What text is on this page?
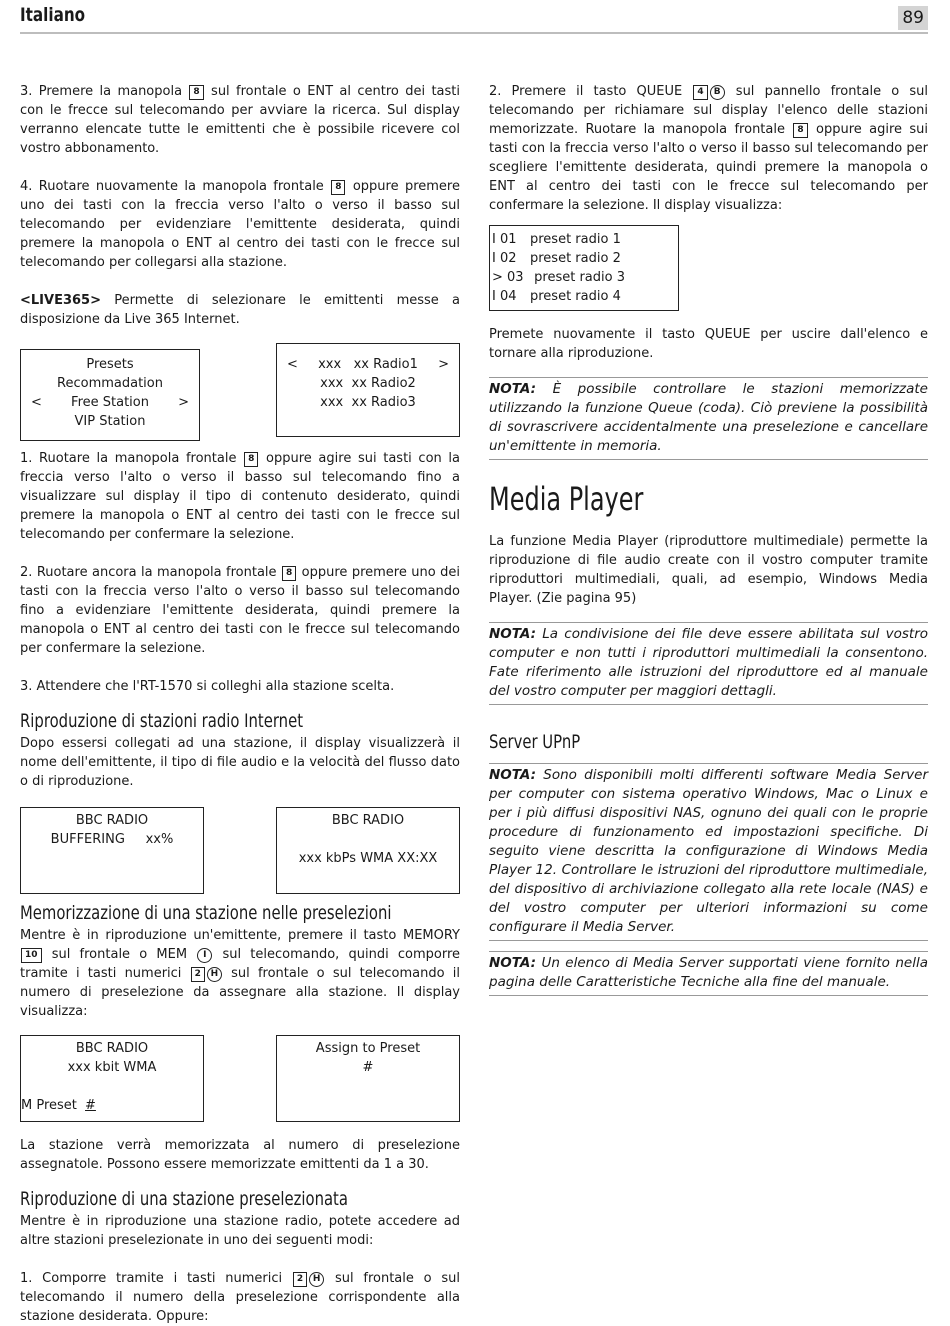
Italiano	89

3. Premere la manopola 8 sul frontale o ENT al centro dei tasti con le frecce sul telecomando per avviare la ricerca. Sul display verranno elencate tutte le emittenti che è possibile ricevere col vostro abbonamento.

4. Ruotare nuovamente la manopola frontale 8 oppure premere uno dei tasti con la freccia verso l'alto o verso il basso sul telecomando per evidenziare l'emittente desiderata, quindi premere la manopola o ENT al centro dei tasti con le frecce sul telecomando per collegarsi alla stazione.

<LIVE365> Permette di selezionare le emittenti messe a disposizione da Live 365 Internet.

Presets
Recommadation
< Free Station >
VIP Station
< xxx   xx Radio1 >
xxx  xx Radio2
xxx  xx Radio3

1. Ruotare la manopola frontale 8 oppure agire sui tasti con la freccia verso l'alto o verso il basso sul telecomando fino a visualizzare sul display il tipo di contenuto desiderato, quindi premere la manopola o ENT al centro dei tasti con le frecce sul telecomando per confermare la selezione.

2. Ruotare ancora la manopola frontale 8 oppure premere uno dei tasti con la freccia verso l'alto o verso il basso sul telecomando fino a evidenziare l'emittente desiderata, quindi premere la manopola o ENT al centro dei tasti con le frecce sul telecomando per confermare la selezione.

3. Attendere che l'RT-1570 si colleghi alla stazione scelta.

Riproduzione di stazioni radio Internet

Dopo essersi collegati ad una stazione, il display visualizzerà il nome dell'emittente, il tipo di file audio e la velocità del flusso dato o di riproduzione.

BBC RADIO
BUFFERING     xx%
BBC RADIO
xxx kbPs WMA XX:XX
Memorizzazione di una stazione nelle preselezioni

Mentre è in riproduzione un'emittente, premere il tasto MEMORY 10 sul frontale o MEM I sul telecomando, quindi comporre tramite i tasti numerici 2 H sul frontale o sul telecomando il numero di preselezione da assegnare alla stazione. Il display visualizza:

BBC RADIO
xxx kbit WMA
M Preset #
Assign to Preset
#

La stazione verrà memorizzata al numero di preselezione assegnatole. Possono essere memorizzate emittenti da 1 a 30.

Riproduzione di una stazione preselezionata

Mentre è in riproduzione una stazione radio, potete accedere ad altre stazioni preselezionate in uno dei seguenti modi:

1. Comporre tramite i tasti numerici 2 H sul frontale o sul telecomando il numero della preselezione corrispondente alla stazione desiderata. Oppure:

2. Premere il tasto QUEUE 4 B sul pannello frontale o sul telecomando per richiamare sul display l'elenco delle stazioni memorizzate. Ruotare la manopola frontale 8 oppure agire sui tasti con la freccia verso l'alto o verso il basso sul telecomando per scegliere l'emittente desiderata, quindi premere la manopola o ENT al centro dei tasti con le frecce sul telecomando per confermare la selezione. Il display visualizza:

I 01 preset radio 1
I 02 preset radio 2
> 03 preset radio 3
I 04 preset radio 4

Premete nuovamente il tasto QUEUE per uscire dall'elenco e tornare alla riproduzione.

NOTA: È possibile controllare le stazioni memorizzate utilizzando la funzione Queue (coda). Ciò previene la possibilità di sovrascrivere accidentalmente una preselezione e cancellare un'emittente in memoria.
Media Player

La funzione Media Player (riproduttore multimediale) permette la riproduzione di file audio create con il vostro computer tramite riproduttori multimediali, quali, ad esempio, Windows Media Player. (Zie pagina 95)

NOTA: La condivisione dei file deve essere abilitata sul vostro computer e non tutti i riproduttori multimediali la consentono. Fate riferimento alle istruzioni del riproduttore ed al manuale del vostro computer per maggiori dettagli.
Server UPnP
NOTA: Sono disponibili molti differenti software Media Server per computer con sistema operativo Windows, Mac o Linux e per i più diffusi dispositivi NAS, ognuno dei quali con le proprie procedure di funzionamento ed impostazioni specifiche. Di seguito viene descritta la configurazione di Windows Media Player 12. Controllare le istruzioni del riproduttore multimediale, del dispositivo di archiviazione collegato alla rete locale (NAS) e del vostro computer per ulteriori informazioni su come configurare il Media Server.
NOTA: Un elenco di Media Server supportati viene fornito nella pagina delle Caratteristiche Tecniche alla fine del manuale.
